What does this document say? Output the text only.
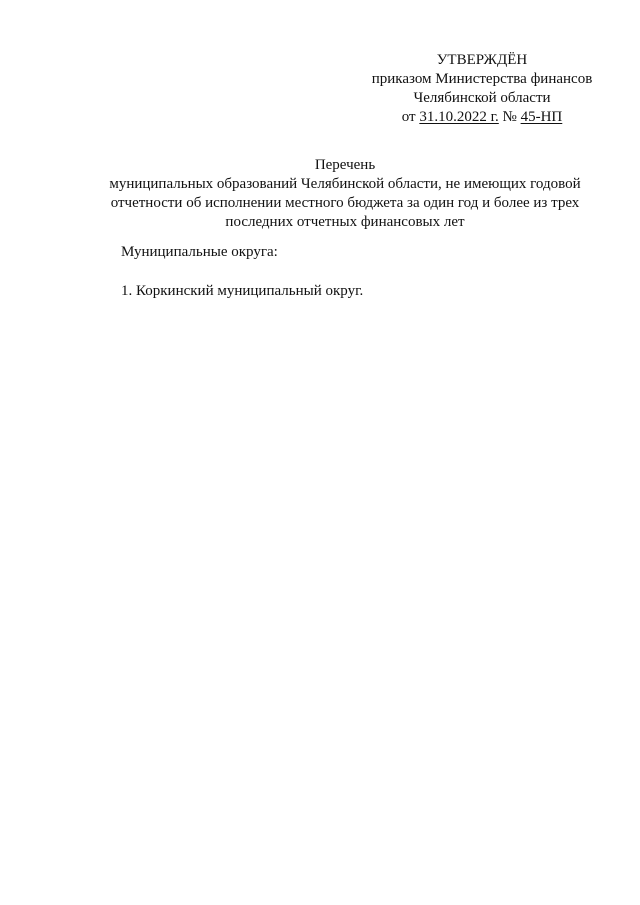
УТВЕРЖДЁН
приказом Министерства финансов
Челябинской области
от 31.10.2022 г. № 45-НП
Перечень
муниципальных образований Челябинской области, не имеющих годовой
отчетности об исполнении местного бюджета за один год и более из трех
последних отчетных финансовых лет
Муниципальные округа:
1. Коркинский муниципальный округ.
